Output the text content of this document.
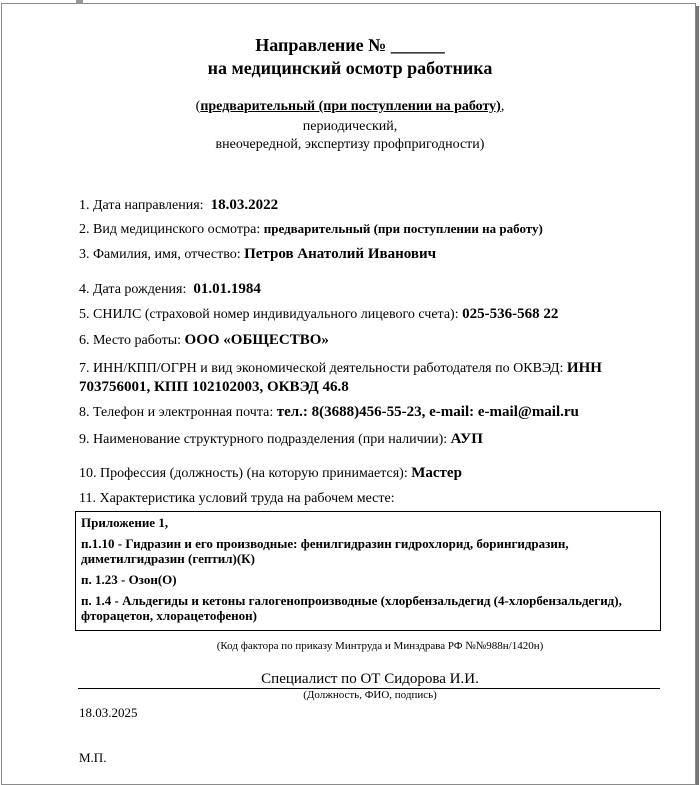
Направление № ______
на медицинский осмотр работника
(предварительный (при поступлении на работу),
периодический,
внеочередной, экспертизу профпригодности)
1. Дата направления: 18.03.2022
2. Вид медицинского осмотра: предварительный (при поступлении на работу)
3. Фамилия, имя, отчество: Петров Анатолий Иванович
4. Дата рождения: 01.01.1984
5. СНИЛС (страховой номер индивидуального лицевого счета): 025-536-568 22
6. Место работы: ООО «ОБЩЕСТВО»
7. ИНН/КПП/ОГРН и вид экономической деятельности работодателя по ОКВЭД: ИНН 703756001, КПП 102102003, ОКВЭД 46.8
8. Телефон и электронная почта: тел.: 8(3688)456-55-23, e-mail: e-mail@mail.ru
9. Наименование структурного подразделения (при наличии): АУП
10. Профессия (должность) (на которую принимается): Мастер
11. Характеристика условий труда на рабочем месте:

Приложение 1,

п.1.10 - Гидразин и его производные: фенилгидразин гидрохлорид, борингидразин, диметилгидразин (гептил)(К)

п. 1.23 - Озон(О)

п. 1.4 - Альдегиды и кетоны галогенопроизводные (хлорбензальдегид (4-хлорбензальдегид), фторацетон, хлорацетофенон)

(Код фактора по приказу Минтруда и Минздрава РФ №№988н/1420н)
Специалист по ОТ Сидорова И.И.
(Должность, ФИО, подпись)
18.03.2025
М.П.
